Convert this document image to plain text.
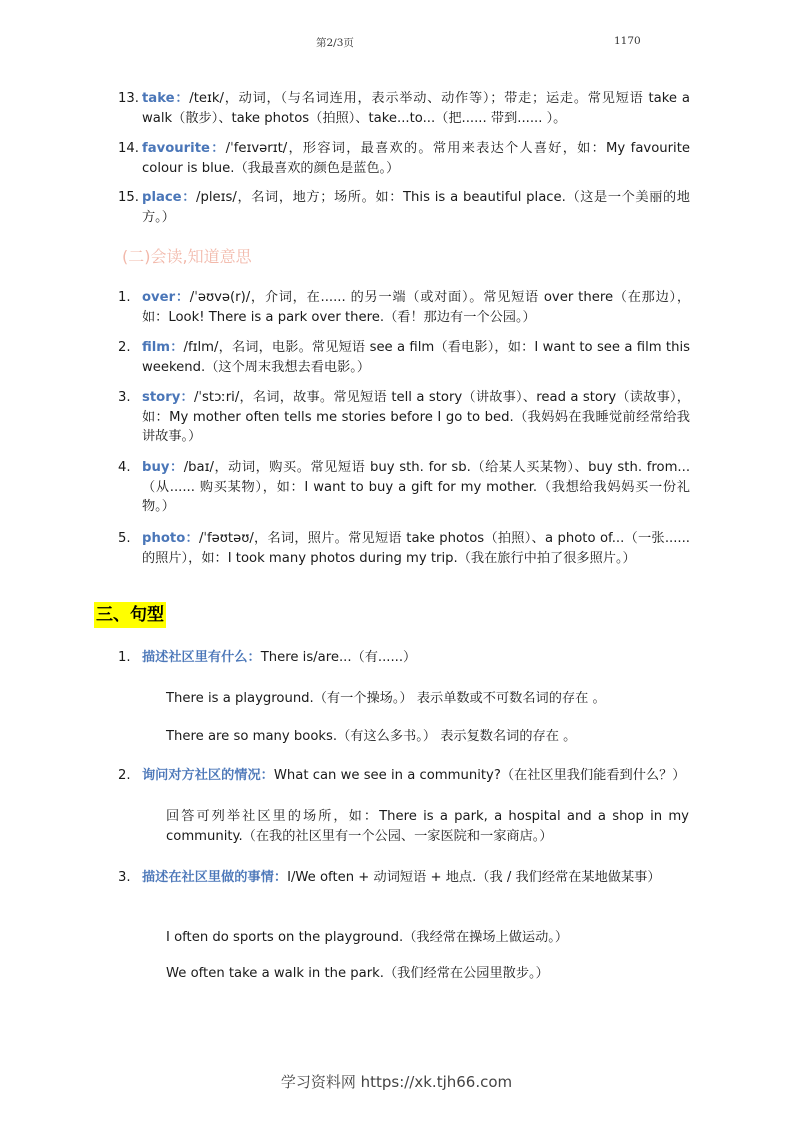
第2/3页	1170
13. take：/teɪk/，动词，（与名词连用，表示举动、动作等）；带走；运走。常见短语 take a walk（散步）、take photos（拍照）、take...to...（把...... 带到...... ）。
14. favourite：/ˈfeɪvərɪt/，形容词，最喜欢的。常用来表达个人喜好，如：My favourite colour is blue.（我最喜欢的颜色是蓝色。）
15. place：/pleɪs/，名词，地方；场所。如：This is a beautiful place.（这是一个美丽的地方。）
(二)会读,知道意思
1. over：/ˈəʊvə(r)/，介词，在...... 的另一端（或对面）。常见短语 over there（在那边），如：Look! There is a park over there.（看！那边有一个公园。）
2. film：/fɪlm/，名词，电影。常见短语 see a film（看电影），如：I want to see a film this weekend.（这个周末我想去看电影。）
3. story：/ˈstɔːri/，名词，故事。常见短语 tell a story（讲故事）、read a story（读故事），如：My mother often tells me stories before I go to bed.（我妈妈在我睡觉前经常给我讲故事。）
4. buy：/baɪ/，动词，购买。常见短语 buy sth. for sb.（给某人买某物）、buy sth. from...（从...... 购买某物），如：I want to buy a gift for my mother.（我想给我妈妈买一份礼物。）
5. photo：/ˈfəʊtəʊ/，名词，照片。常见短语 take photos（拍照）、a photo of...（一张...... 的照片），如：I took many photos during my trip.（我在旅行中拍了很多照片。）
三、句型
1. 描述社区里有什么：There is/are...（有......）
There is a playground.（有一个操场。） 表示单数或不可数名词的存在 。
There are so many books.（有这么多书。） 表示复数名词的存在 。
2. 询问对方社区的情况：What can we see in a community?（在社区里我们能看到什么？）
回答可列举社区里的场所，如：There is a park, a hospital and a shop in my community.（在我的社区里有一个公园、一家医院和一家商店。）
3. 描述在社区里做的事情：I/We often + 动词短语 + 地点.（我 / 我们经常在某地做某事）
I often do sports on the playground.（我经常在操场上做运动。）
We often take a walk in the park.（我们经常在公园里散步。）
学习资料网 https://xk.tjh66.com
